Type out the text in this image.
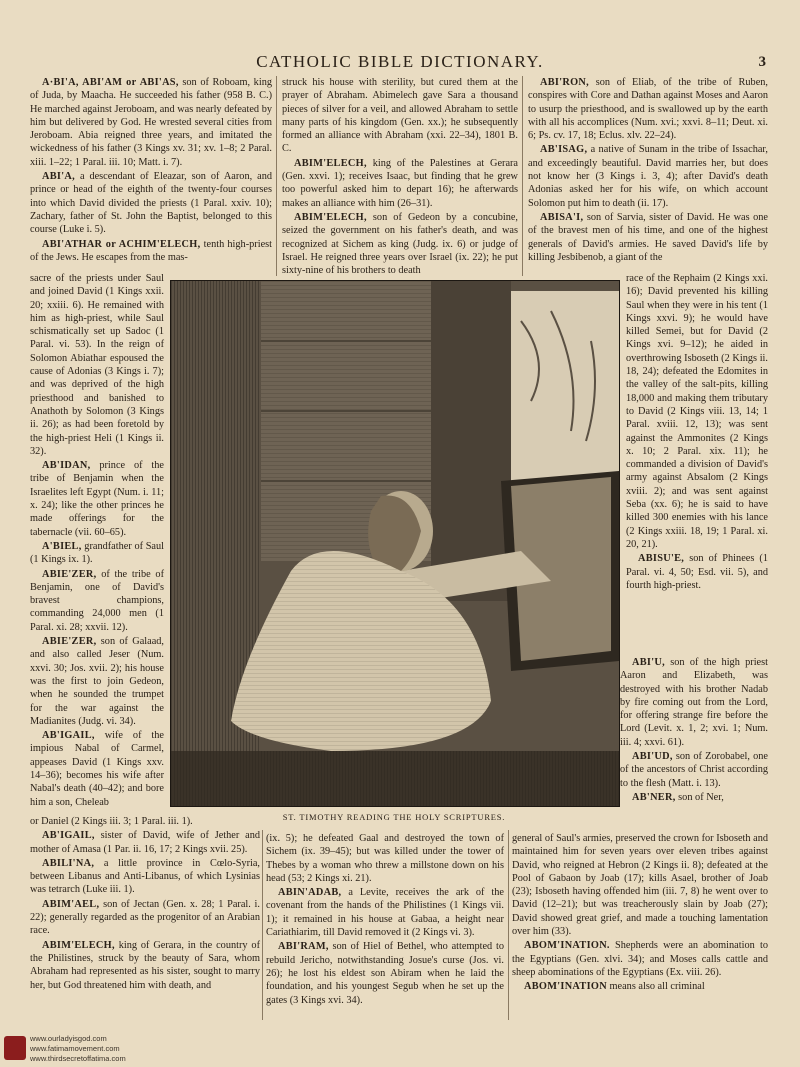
CATHOLIC BIBLE DICTIONARY.	3
A·BI'A, ABI'AM or ABI'AS, son of Roboam, king of Juda, by Maacha. He succeeded his father (958 B. C.) He marched against Jeroboam, and was nearly defeated by him but delivered by God. He wrested several cities from Jeroboam. Abia reigned three years, and imitated the wickedness of his father (3 Kings xv. 31; xv. 1–8; 2 Paral. xiii. 1–22; 1 Paral. iii. 10; Matt. i. 7).
ABI'A, a descendant of Eleazar, son of Aaron, and prince or head of the eighth of the twenty-four courses into which David divided the priests (1 Paral. xxiv. 10); Zachary, father of St. John the Baptist, belonged to this course (Luke i. 5).
ABI'ATHAR or ACHIM'ELECH, tenth high-priest of the Jews. He escapes from the mas-
struck his house with sterility, but cured them at the prayer of Abraham. Abimelech gave Sara a thousand pieces of silver for a veil, and allowed Abraham to settle many parts of his kingdom (Gen. xx.); he subsequently formed an alliance with Abraham (xxi. 22–34), 1801 B. C.
ABIM'ELECH, king of the Palestines at Gerara (Gen. xxvi. 1); receives Isaac, but finding that he grew too powerful asked him to depart 16); he afterwards makes an alliance with him (26–31).
ABIM'ELECH, son of Gedeon by a concubine, seized the government on his father's death, and was recognized at Sichem as king (Judg. ix. 6) or judge of Israel. He reigned three years over Israel (ix. 22); he put sixty-nine of his brothers to death
ABI'RON, son of Eliab, of the tribe of Ruben, conspires with Core and Dathan against Moses and Aaron to usurp the priesthood, and is swallowed up by the earth with all his accomplices (Num. xvi.; xxvi. 8–11; Deut. xi. 6; Ps. cv. 17, 18; Eclus. xlv. 22–24).
AB'ISAG, a native of Sunam in the tribe of Issachar, and exceedingly beautiful. David marries her, but does not know her (3 Kings i. 3, 4); after David's death Adonias asked her for his wife, on which account Solomon put him to death (ii. 17).
ABISA'I, son of Sarvia, sister of David. He was one of the bravest men of his time, and one of the highest generals of David's armies. He saved David's life by killing Jesbibenob, a giant of the
sacre of the priests under Saul and joined David (1 Kings xxii. 20; xxiii. 6). He remained with him as high-priest, while Saul schismatically set up Sadoc (1 Paral. vi. 53). In the reign of Solomon Abiathar espoused the cause of Adonias (3 Kings i. 7); and was deprived of the high priesthood and banished to Anathoth by Solomon (3 Kings ii. 26); as had been foretold by the high-priest Heli (1 Kings ii. 32).
AB'IDAN, prince of the tribe of Benjamin when the Israelites left Egypt (Num. i. 11; x. 24); like the other princes he made offerings for the tabernacle (vii. 60–65).
A'BIEL, grandfather of Saul (1 Kings ix. 1).
ABIE'ZER, of the tribe of Benjamin, one of David's bravest champions, commanding 24,000 men (1 Paral. xi. 28; xxvii. 12).
ABIE'ZER, son of Galaad, and also called Jeser (Num. xxvi. 30; Jos. xvii. 2); his house was the first to join Gedeon, when he sounded the trumpet for the war against the Madianites (Judg. vi. 34).
AB'IGAIL, wife of the impious Nabal of Carmel, appeases David (1 Kings xxv. 14–36); becomes his wife after Nabal's death (40–42); and bore him a son, Cheleab
race of the Rephaim (2 Kings xxi. 16); David prevented his killing Saul when they were in his tent (1 Kings xxvi. 9); he would have killed Semei, but for David (2 Kings xvi. 9–12); he aided in overthrowing Isboseth (2 Kings ii. 18, 24); defeated the Edomites in the valley of the salt-pits, killing 18,000 and making them tributary to David (2 Kings viii. 13, 14; 1 Paral. xviii. 12, 13); was sent against the Ammonites (2 Kings x. 10; 2 Paral. xix. 11); he commanded a division of David's army against Absalom (2 Kings xviii. 2); and was sent against Seba (xx. 6); he is said to have killed 300 enemies with his lance (2 Kings xxiii. 18, 19; 1 Paral. xi. 20, 21).
ABISU'E, son of Phinees (1 Paral. vi. 4, 50; Esd. vii. 5), and fourth high-priest.
ABI'U, son of the high priest Aaron and Elizabeth, was destroyed with his brother Nadab by fire coming out from the Lord, for offering strange fire before the Lord (Levit. x. 1, 2; xvi. 1; Num. iii. 4; xxvi. 61).
ABI'UD, son of Zorobabel, one of the ancestors of Christ according to the flesh (Matt. i. 13).
AB'NER, son of Ner,
ST. TIMOTHY READING THE HOLY SCRIPTURES.
or Daniel (2 Kings iii. 3; 1 Paral. iii. 1).
AB'IGAIL, sister of David, wife of Jether and mother of Amasa (1 Par. ii. 16, 17; 2 Kings xvii. 25).
ABILI'NA, a little province in Cœlo-Syria, between Libanus and Anti-Libanus, of which Lysinias was tetrarch (Luke iii. 1).
ABIM'AEL, son of Jectan (Gen. x. 28; 1 Paral. i. 22); generally regarded as the progenitor of an Arabian race.
ABIM'ELECH, king of Gerara, in the country of the Philistines, struck by the beauty of Sara, whom Abraham had represented as his sister, sought to marry her, but God threatened him with death, and
(ix. 5); he defeated Gaal and destroyed the town of Sichem (ix. 39–45); but was killed under the tower of Thebes by a woman who threw a millstone down on his head (53; 2 Kings xi. 21).
ABIN'ADAB, a Levite, receives the ark of the covenant from the hands of the Philistines (1 Kings vii. 1); it remained in his house at Gabaa, a height near Cariathiarim, till David removed it (2 Kings vi. 3).
ABI'RAM, son of Hiel of Bethel, who attempted to rebuild Jericho, notwithstanding Josue's curse (Jos. vi. 26); he lost his eldest son Abiram when he laid the foundation, and his youngest Segub when he set up the gates (3 Kings xvi. 34).
general of Saul's armies, preserved the crown for Isboseth and maintained him for seven years over eleven tribes against David, who reigned at Hebron (2 Kings ii. 8); defeated at the Pool of Gabaon by Joab (17); kills Asael, brother of Joab (23); Isboseth having offended him (iii. 7, 8) he went over to David (12–21); but was treacherously slain by Joab (27); David showed great grief, and made a touching lamentation over him (33).
ABOM'INATION. Shepherds were an abomination to the Egyptians (Gen. xlvi. 34); and Moses calls cattle and sheep abominations of the Egyptians (Ex. viii. 26).
ABOM'INATION means also all criminal
www.ourladyisgod.com
www.fatimamovement.com
www.thirdsecretoffatima.com
